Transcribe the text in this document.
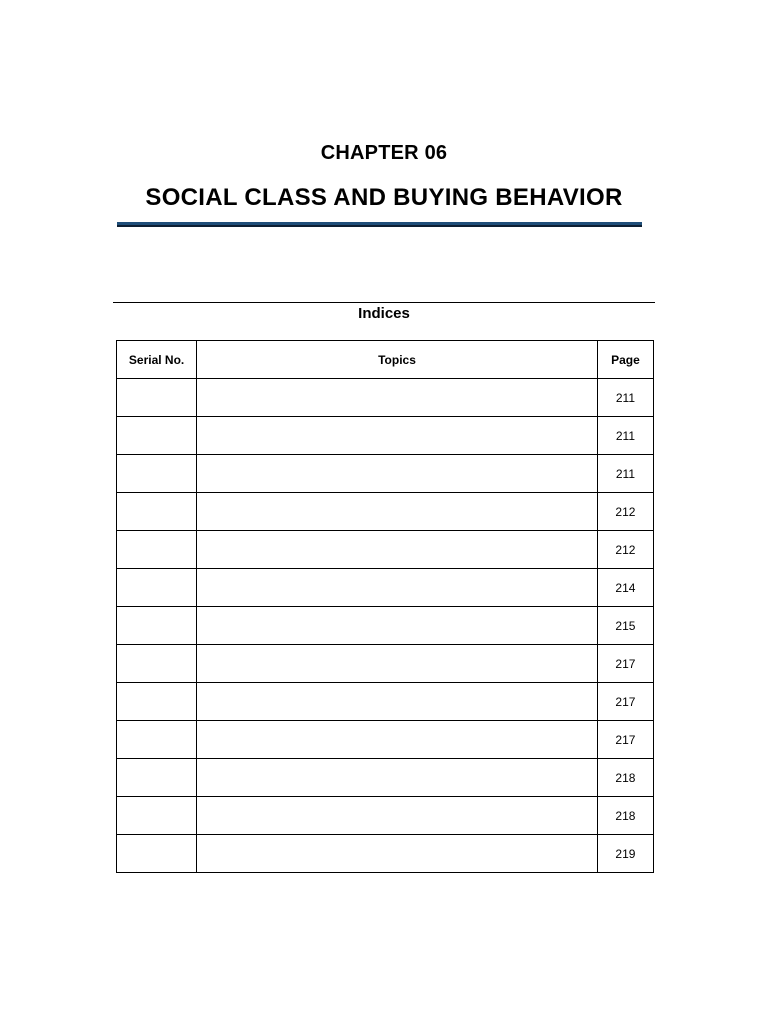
CHAPTER 06
SOCIAL CLASS AND BUYING BEHAVIOR
Indices
Serial No.	Topics	Page
		211
		211
		211
		212
		212
		214
		215
		217
		217
		217
		218
		218
		219
